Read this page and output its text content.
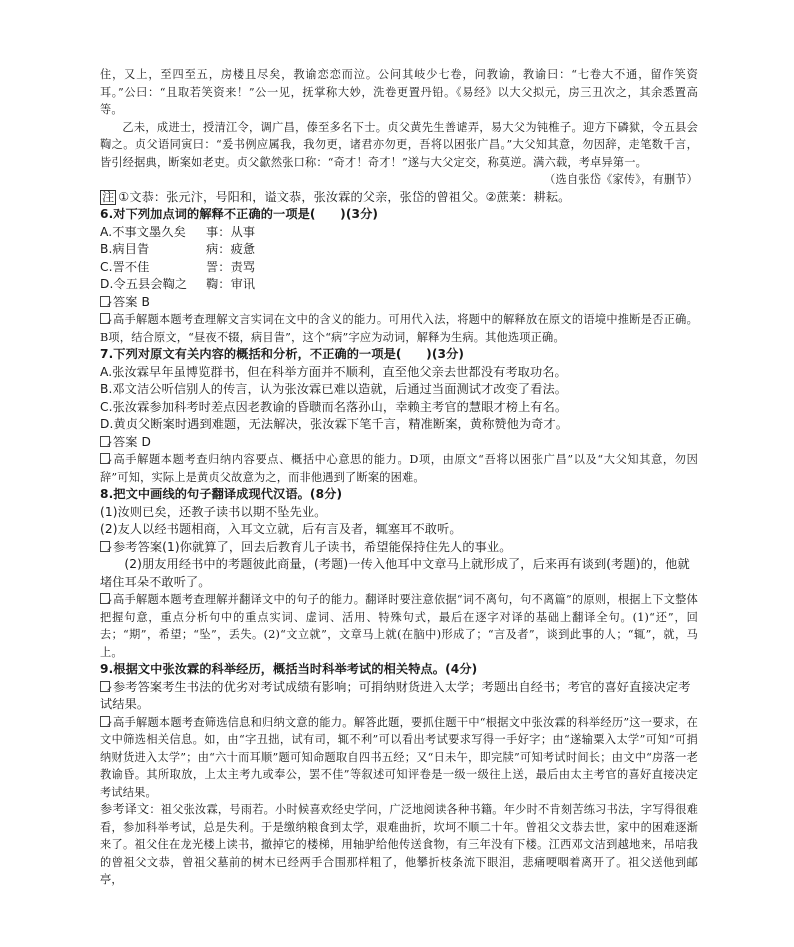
住，又上，至四至五，房楼且尽矣，教谕恋恋而泣。公问其岐少七卷，问教谕，教谕曰：“七卷大不通，留作笑资耳。”公曰：“且取若笑资来！”公一见，抚掌称大妙，洗卷更置丹铅。《易经》以大父拟元，房三丑次之，其余悉置高等。

乙未，成进士，授清江令，调广昌，傣至多名下士。贞父黄先生善谑弄，易大父为钝椎子。迎方下磷狱，令五县会鞫之。贞父语同寅曰：“爰书例应属我，我勿更，诸君亦勿更，吾将以困张广昌。”大父知其意，勿因辞，走笔数千言，皆引经据典，断案如老吏。贞父歙然张口称：“奇才！奇才！”遂与大父定交，称莫逆。满六载，考卓异第一。

（选自张岱《家传》，有删节）

注 ①文恭：张元汴，号阳和，谥文恭，张汝霖的父亲，张岱的曾祖父。②蔗莱：耕耘。

6.对下列加点词的解释不正确的一项是(　　)(3分)

A.不事文墨久矣	事：从事
B.病目眚	病：疲惫
C.詈不佳	詈：责骂
D.令五县会鞫之	鞫：审讯

答案 B

高手解题本题考查理解文言实词在文中的含义的能力。可用代入法，将题中的解释放在原文的语境中推断是否正确。B项，结合原文，“昼夜不辍，病目眚”，这个“病”字应为动词，解释为生病。其他选项正确。

7.下列对原文有关内容的概括和分析，不正确的一项是(　　)(3分)

A.张汝霖早年虽博览群书，但在科举方面并不顺利，直至他父亲去世都没有考取功名。

B.邓文洁公听信别人的传言，认为张汝霖已难以造就，后通过当面测试才改变了看法。

C.张汝霖参加科考时差点因老教谕的昏聩而名落孙山，幸赖主考官的慧眼才榜上有名。

D.黄贞父断案时遇到难题，无法解决，张汝霖下笔千言，精准断案，黄称赞他为奇才。

答案 D

高手解题本题考查归纳内容要点、概括中心意思的能力。D项，由原文“吾将以困张广昌”以及“大父知其意，勿因辞”可知，实际上是黄贞父故意为之，而非他遇到了断案的困难。

8.把文中画线的句子翻译成现代汉语。(8分)

(1)汝则已矣，还教子读书以期不坠先业。

(2)友人以经书题相商，入耳文立就，后有言及者，辄塞耳不敢听。

参考答案(1)你就算了，回去后教育儿子读书，希望能保持住先人的事业。

(2)朋友用经书中的考题彼此商量，(考题)一传入他耳中文章马上就形成了，后来再有谈到(考题)的，他就堵住耳朵不敢听了。

高手解题本题考查理解并翻译文中的句子的能力。翻译时要注意依据“词不离句，句不离篇”的原则，根据上下文整体把握句意，重点分析句中的重点实词、虚词、活用、特殊句式，最后在逐字对译的基础上翻译全句。(1)“还”，回去；“期”，希望；“坠”，丢失。(2)“文立就”，文章马上就(在脑中)形成了；“言及者”，谈到此事的人；“辄”，就，马上。

9.根据文中张汝霖的科举经历，概括当时科举考试的相关特点。(4分)

参考答案考生书法的优劣对考试成绩有影响；可捐纳财货进入太学；考题出自经书；考官的喜好直接决定考试结果。

高手解题本题考查筛选信息和归纳文意的能力。解答此题，要抓住题干中“根据文中张汝霖的科举经历”这一要求，在文中筛选相关信息。如，由“字丑拙，试有司，辄不利”可以看出考试要求写得一手好字；由“遂输粟入太学”可知“可捐纳财货进入太学”；由“六十而耳顺”题可知命题取自四书五经；又“日未午，即完牍”可知考试时间长；由文中“房落一老教谕昏。其所取放，上太主考九或奉公，罢不佳”等叙述可知评卷是一级一级往上送，最后由太主考官的喜好直接决定考试结果。

参考译文：祖父张汝霖，号雨若。小时候喜欢经史学问，广泛地阅读各种书籍。年少时不肯刻苦练习书法，字写得很难看，参加科举考试，总是失利。于是缴纳粮食到太学，艰难曲折，坎坷不顺二十年。曾祖父文恭去世，家中的困难逐渐来了。祖父住在龙光楼上读书，撤掉它的楼梯，用轴驴给他传送食物，有三年没有下楼。江西邓文洁到越地来，吊唁我的曾祖父文恭，曾祖父墓前的树木已经两手合围那样粗了，他攀折枝条流下眼泪，悲痛哽咽着离开了。祖父送他到邮亭，
